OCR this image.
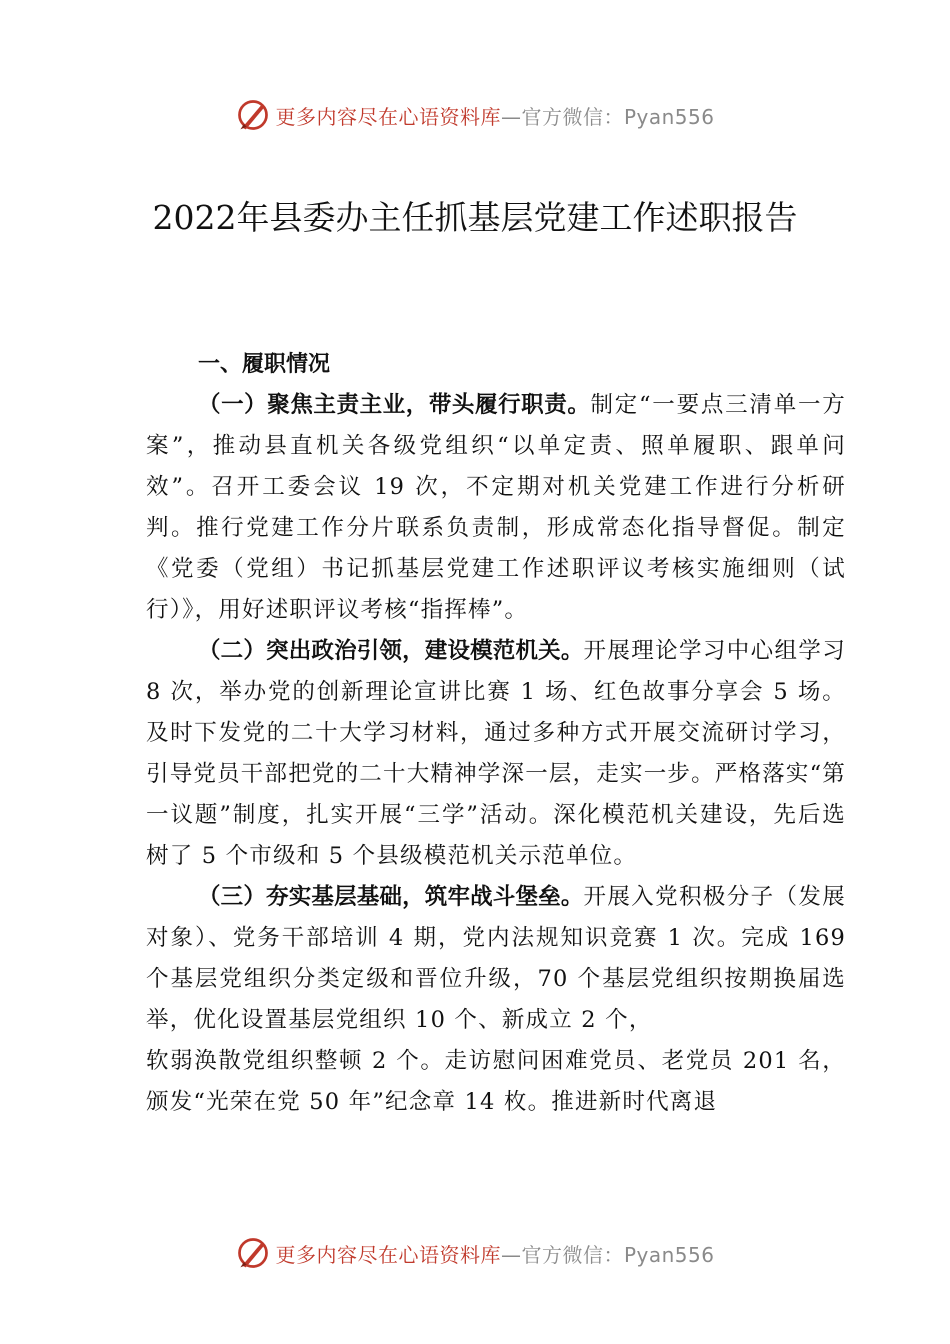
更多内容尽在心语资料库—官方微信：Pyan556
2022年县委办主任抓基层党建工作述职报告
一、履职情况

（一）聚焦主责主业，带头履行职责。制定“一要点三清单一方案”，推动县直机关各级党组织“以单定责、照单履职、跟单问效”。召开工委会议 19 次，不定期对机关党建工作进行分析研判。推行党建工作分片联系负责制，形成常态化指导督促。制定《党委（党组）书记抓基层党建工作述职评议考核实施细则（试行）》，用好述职评议考核“指挥棒”。

（二）突出政治引领，建设模范机关。开展理论学习中心组学习 8 次，举办党的创新理论宣讲比赛 1 场、红色故事分享会 5 场。及时下发党的二十大学习材料，通过多种方式开展交流研讨学习，引导党员干部把党的二十大精神学深一层，走实一步。严格落实“第一议题”制度，扎实开展“三学”活动。深化模范机关建设，先后选树了 5 个市级和 5 个县级模范机关示范单位。

（三）夯实基层基础，筑牢战斗堡垒。开展入党积极分子（发展对象）、党务干部培训 4 期，党内法规知识竞赛 1 次。完成 169 个基层党组织分类定级和晋位升级，70 个基层党组织按期换届选举，优化设置基层党组织 10 个、新成立 2 个，

软弱涣散党组织整顿 2 个。走访慰问困难党员、老党员 201 名，颁发“光荣在党 50 年”纪念章 14 枚。推进新时代离退

更多内容尽在心语资料库—官方微信：Pyan556
